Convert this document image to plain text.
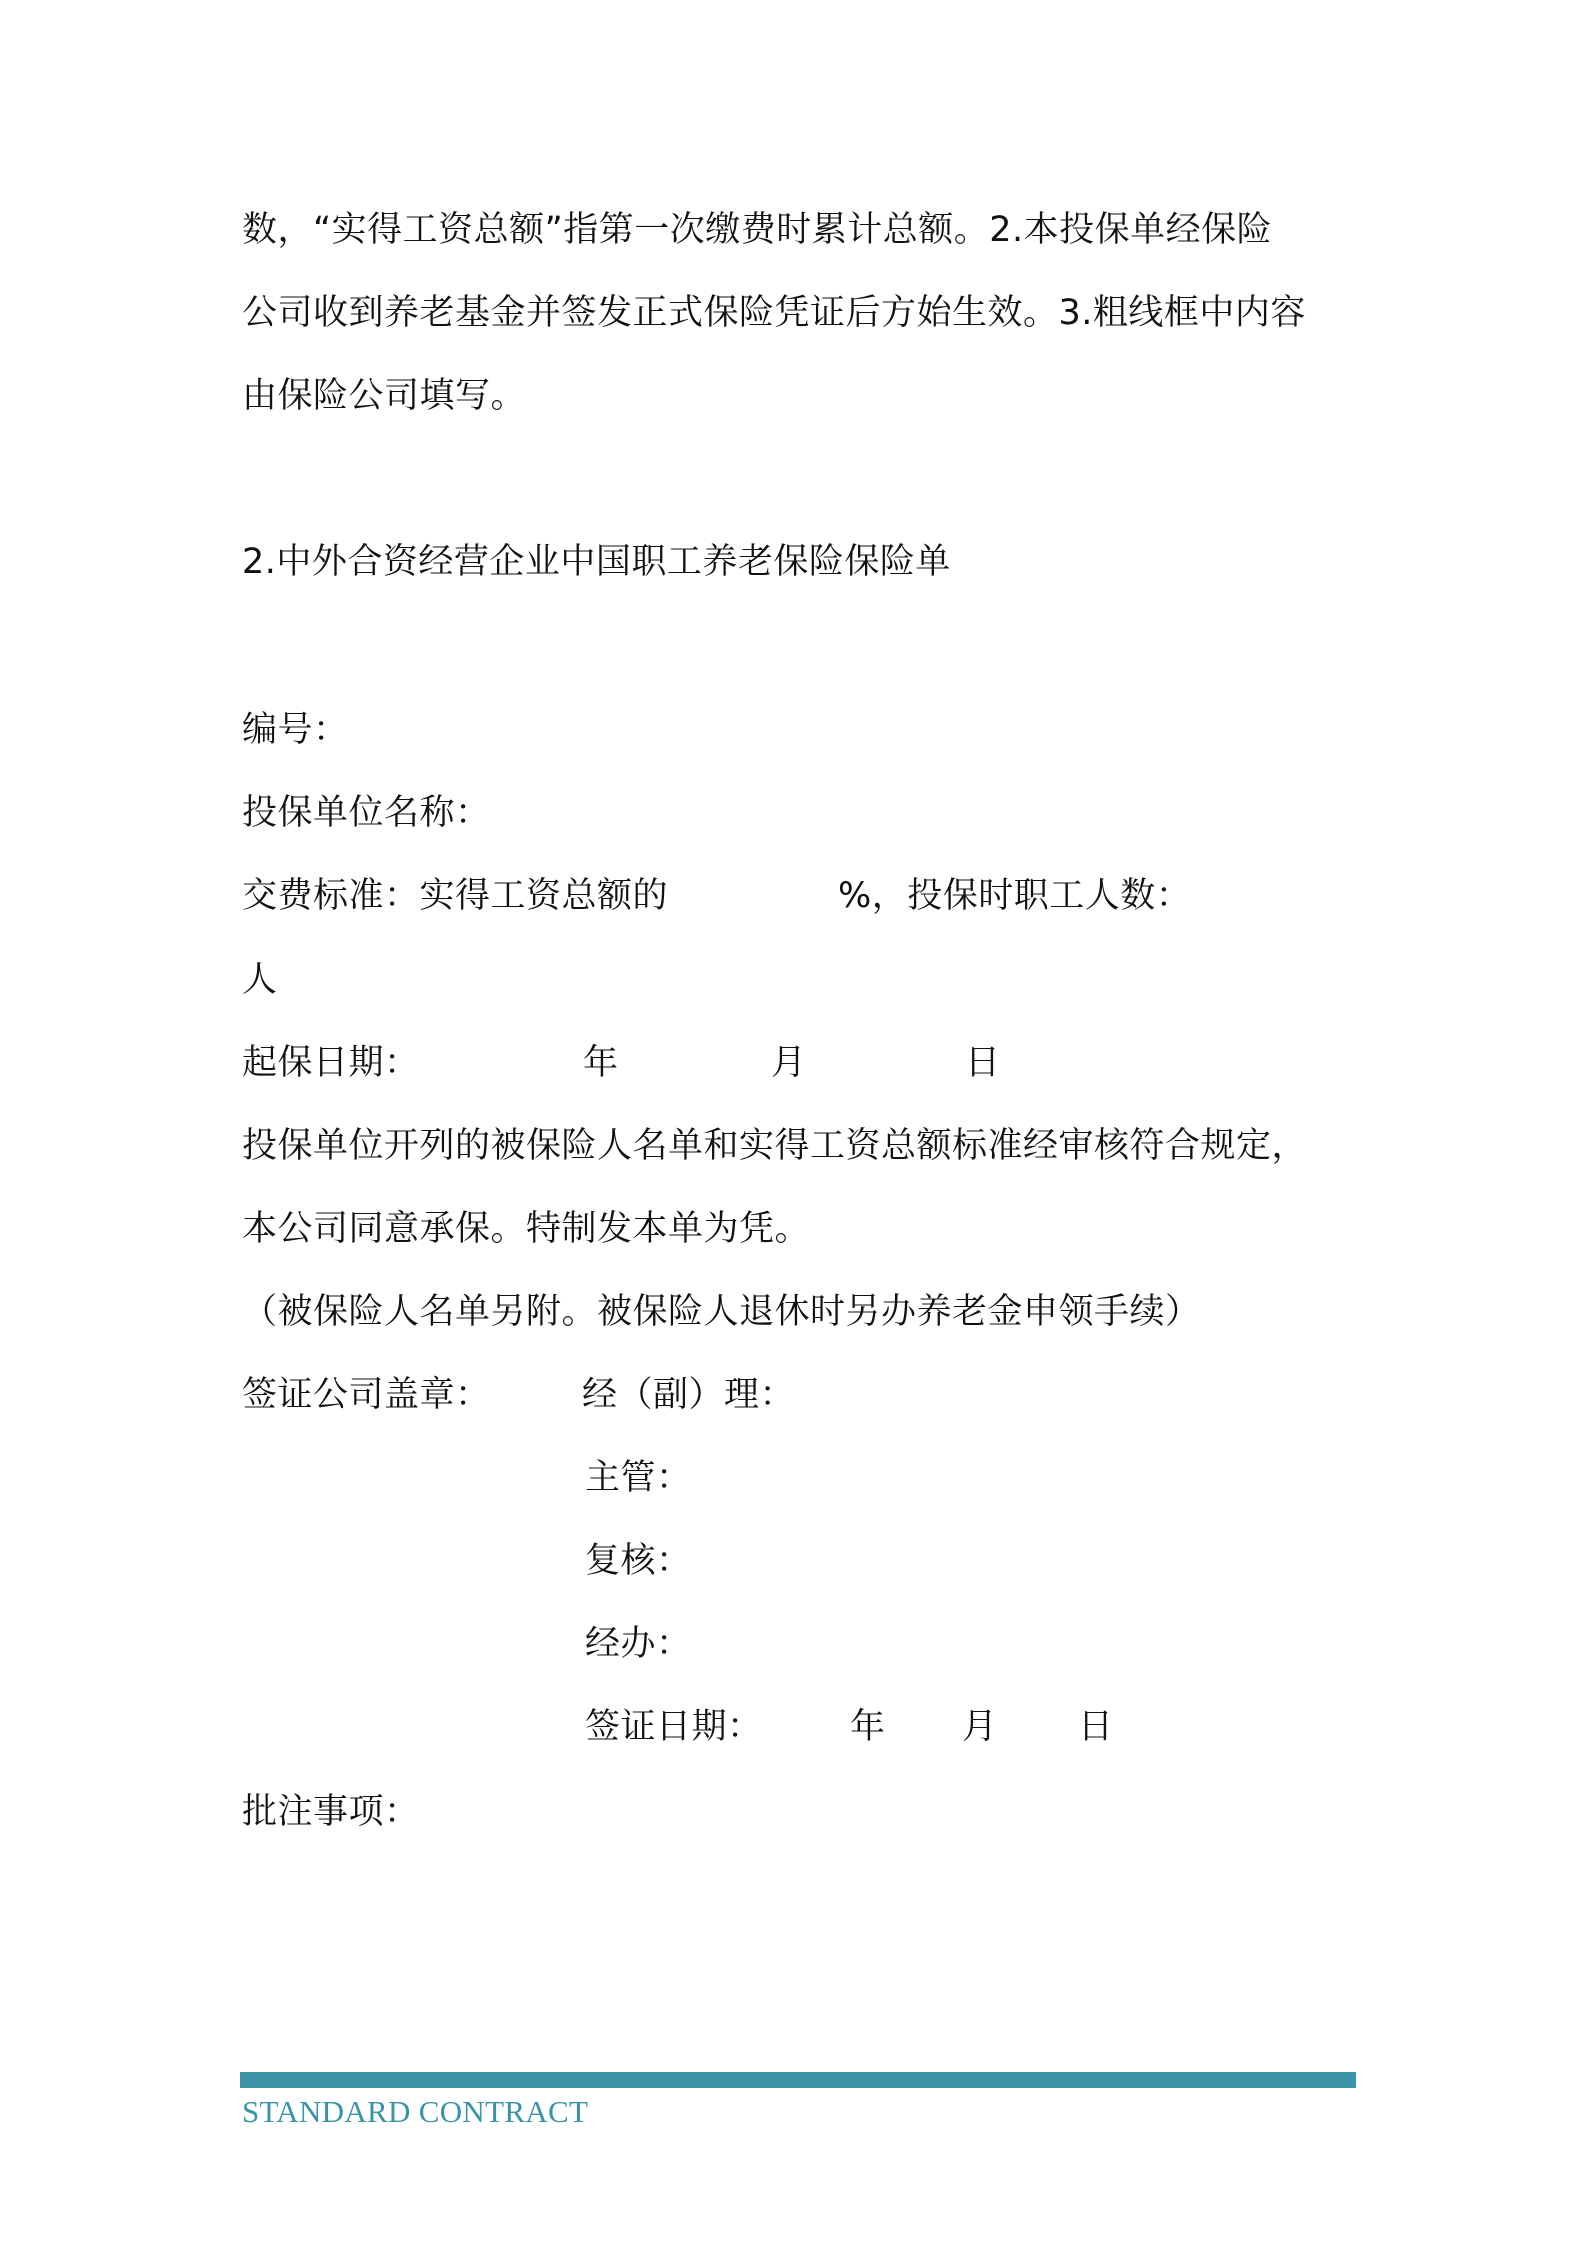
数，“实得工资总额”指第一次缴费时累计总额。2.本投保单经保险
公司收到养老基金并签发正式保险凭证后方始生效。3.粗线框中内容
由保险公司填写。
2.中外合资经营企业中国职工养老保险保险单
编号：
投保单位名称：
交费标准：实得工资总额的	%，投保时职工人数：
人
起保日期：	年	月	日
投保单位开列的被保险人名单和实得工资总额标准经审核符合规定，
本公司同意承保。特制发本单为凭。
（被保险人名单另附。被保险人退休时另办养老金申领手续）
签证公司盖章：	经（副）理：
主管：
复核：
经办：
签证日期： 年 月 日
批注事项：
STANDARD CONTRACT
